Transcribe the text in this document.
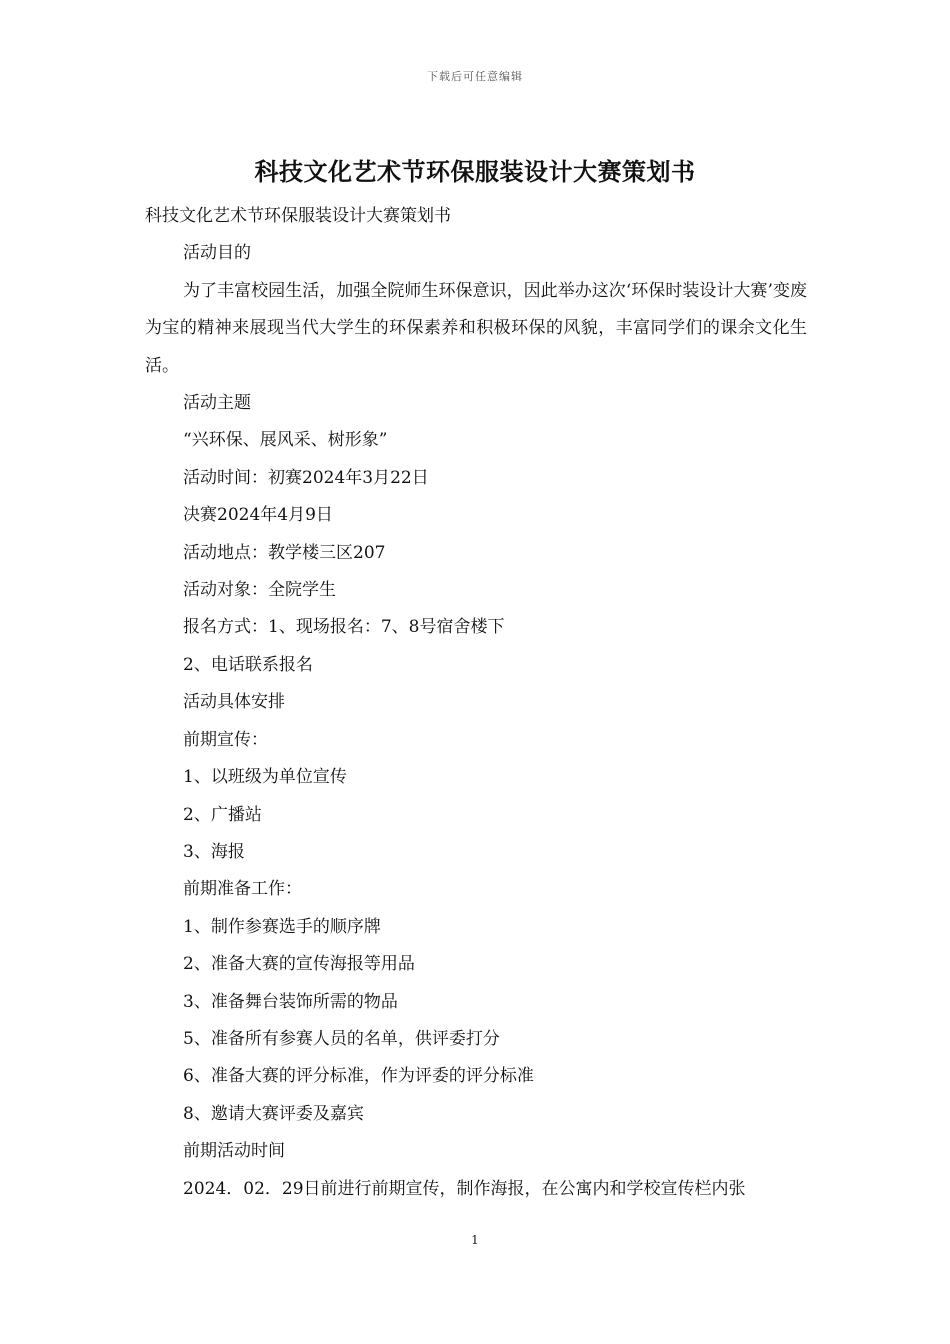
下载后可任意编辑
科技文化艺术节环保服装设计大赛策划书

科技文化艺术节环保服装设计大赛策划书

活动目的

为了丰富校园生活，加强全院师生环保意识，因此举办这次‘环保时装设计大赛’变废为宝的精神来展现当代大学生的环保素养和积极环保的风貌，丰富同学们的课余文化生活。

活动主题

“兴环保、展风采、树形象”

活动时间：初赛2024年3月22日

决赛2024年4月9日

活动地点：教学楼三区207

活动对象：全院学生

报名方式：1、现场报名：7、8号宿舍楼下

2、电话联系报名

活动具体安排

前期宣传：

1、以班级为单位宣传

2、广播站

3、海报

前期准备工作：

1、制作参赛选手的顺序牌

2、准备大赛的宣传海报等用品

3、准备舞台装饰所需的物品

5、准备所有参赛人员的名单，供评委打分

6、准备大赛的评分标准，作为评委的评分标准

8、邀请大赛评委及嘉宾

前期活动时间

2024．02．29日前进行前期宣传，制作海报，在公寓内和学校宣传栏内张

1
